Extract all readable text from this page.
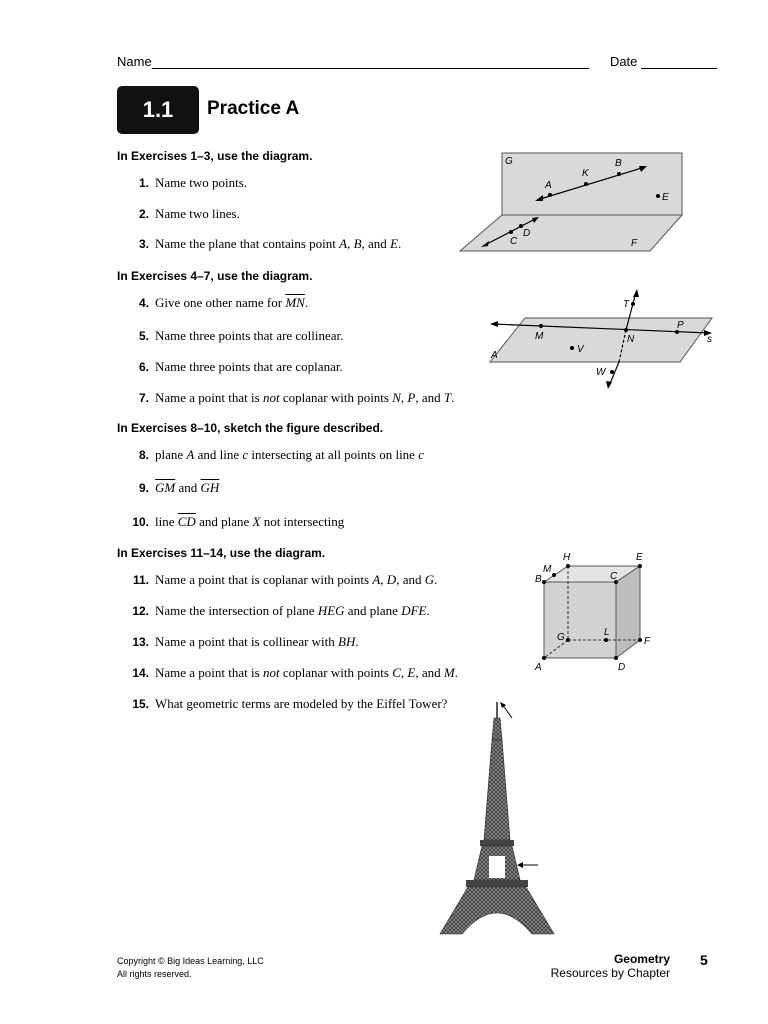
Name	Date
1.1	Practice A
In Exercises 1–3, use the diagram.
1. Name two points.
2. Name two lines.
3. Name the plane that contains point A, B, and E.
In Exercises 4–7, use the diagram.
4. Give one other name for $\overline{MN}$.
5. Name three points that are collinear.
6. Name three points that are coplanar.
7. Name a point that is not coplanar with points N, P, and T.
In Exercises 8–10, sketch the figure described.
8. plane A and line c intersecting at all points on line c
9. $\overline{GM}$ and $\overline{GH}$
10. line $\overline{CD}$ and plane X not intersecting
In Exercises 11–14, use the diagram.
11. Name a point that is coplanar with points A, D, and G.
12. Name the intersection of plane HEG and plane DFE.
13. Name a point that is collinear with BH.
14. Name a point that is not coplanar with points C, E, and M.
15. What geometric terms are modeled by the Eiffel Tower?
G
A
K
B
E
D
C	F
T
P
M	N	s
V
A
W
H	E
M
B	C
G	L
F
A	D
Copyright © Big Ideas Learning, LLC
All rights reserved.
Geometry
Resources by Chapter
5
